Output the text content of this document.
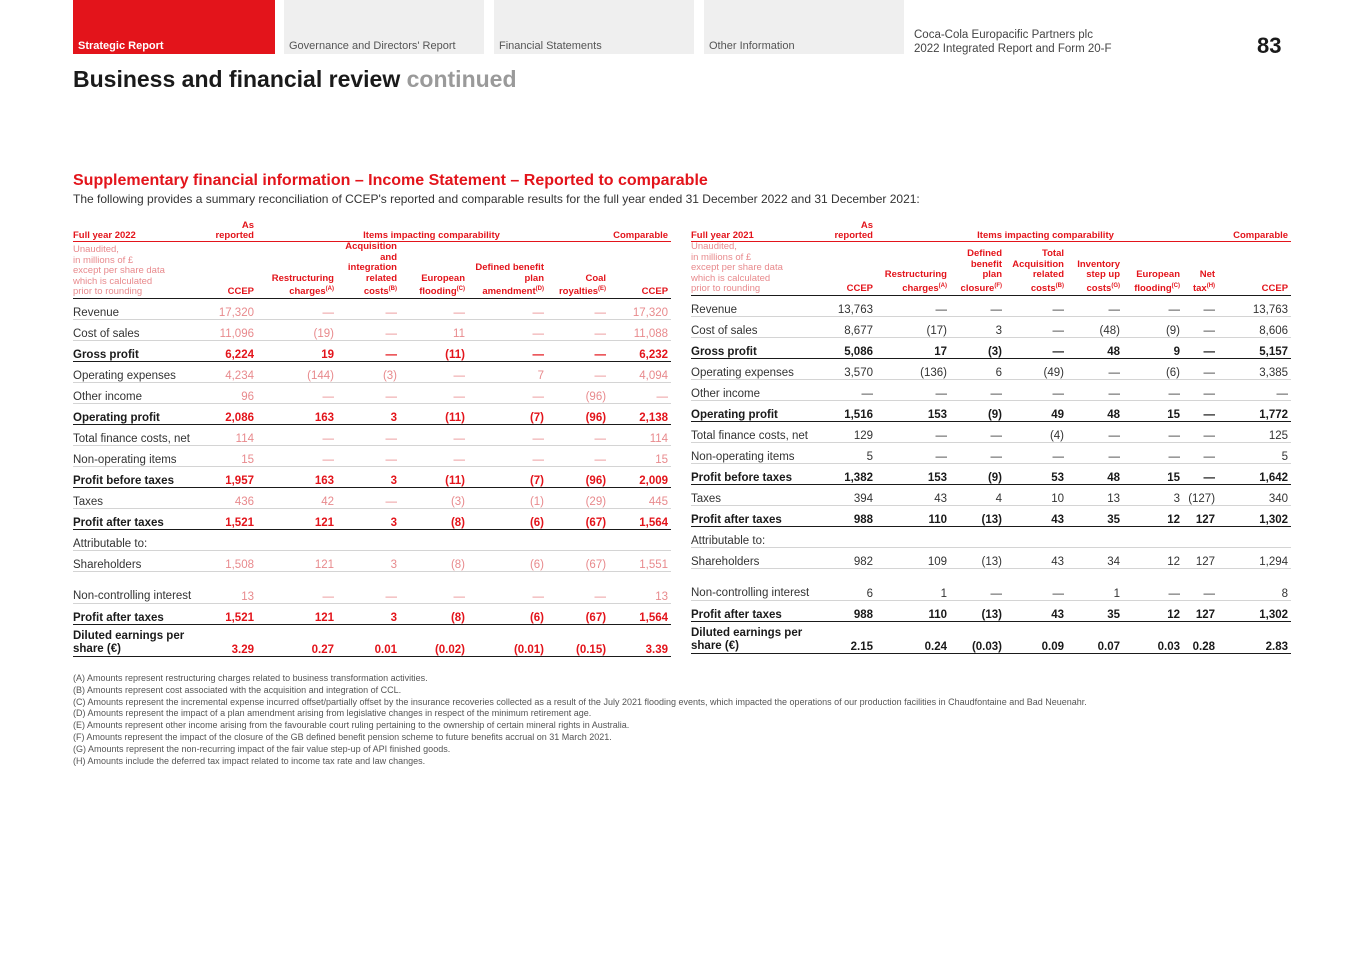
Strategic Report	Governance and Directors' Report	Financial Statements	Other Information
Coca-Cola Europacific Partners plc
2022 Integrated Report and Form 20-F	83
Business and financial review continued
Supplementary financial information – Income Statement – Reported to comparable
The following provides a summary reconciliation of CCEP's reported and comparable results for the full year ended 31 December 2022 and 31 December 2021:
Full year 2022	As reported	Items impacting comparability					Comparable

Unaudited,
in millions of £
except per share data
which is calculated
prior to rounding	CCEP	Restructuring charges$^{(A)}$	Acquisition and integration related costs$^{(B)}$	European flooding$^{(C)}$	Defined benefit plan amendment$^{(D)}$	Coal royalties$^{(E)}$	CCEP
Revenue	17,320	—	—	—	—	—	17,320
Cost of sales	11,096	(19)	—	11	—	—	11,088
Gross profit	6,224	19	—	(11)	—	—	6,232
Operating expenses	4,234	(144)	(3)	—	7	—	4,094
Other income	96	—	—	—	—	(96)	—
Operating profit	2,086	163	3	(11)	(7)	(96)	2,138
Total finance costs, net	114	—	—	—	—	—	114
Non-operating items	15	—	—	—	—	—	15
Profit before taxes	1,957	163	3	(11)	(7)	(96)	2,009
Taxes	436	42	—	(3)	(1)	(29)	445
Profit after taxes	1,521	121	3	(8)	(6)	(67)	1,564
Attributable to:							
Shareholders	1,508	121	3	(8)	(6)	(67)	1,551
Non-controlling interest	13	—	—	—	—	—	13
Profit after taxes	1,521	121	3	(8)	(6)	(67)	1,564
Diluted earnings per share (€)	3.29	0.27	0.01	(0.02)	(0.01)	(0.15)	3.39
Full year 2021	As reported	Items impacting comparability						Comparable

Unaudited,
in millions of £
except per share data
which is calculated
prior to rounding	CCEP	Restructuring charges$^{(A)}$	Defined benefit plan closure$^{(F)}$	Total Acquisition related costs$^{(B)}$	Inventory step up costs$^{(G)}$	European flooding$^{(C)}$	Net tax$^{(H)}$	CCEP
Revenue	13,763	—	—	—	—	—	—	13,763
Cost of sales	8,677	(17)	3	—	(48)	(9)	—	8,606
Gross profit	5,086	17	(3)	—	48	9	—	5,157
Operating expenses	3,570	(136)	6	(49)	—	(6)	—	3,385
Other income	—	—	—	—	—	—	—	—
Operating profit	1,516	153	(9)	49	48	15	—	1,772
Total finance costs, net	129	—	—	(4)	—	—	—	125
Non-operating items	5	—	—	—	—	—	—	5
Profit before taxes	1,382	153	(9)	53	48	15	—	1,642
Taxes	394	43	4	10	13	3	(127)	340
Profit after taxes	988	110	(13)	43	35	12	127	1,302
Attributable to:								
Shareholders	982	109	(13)	43	34	12	127	1,294
Non-controlling interest	6	1	—	—	1	—	—	8
Profit after taxes	988	110	(13)	43	35	12	127	1,302
Diluted earnings per share (€)	2.15	0.24	(0.03)	0.09	0.07	0.03	0.28	2.83
(A) Amounts represent restructuring charges related to business transformation activities.
(B) Amounts represent cost associated with the acquisition and integration of CCL.
(C) Amounts represent the incremental expense incurred offset/partially offset by the insurance recoveries collected as a result of the July 2021 flooding events, which impacted the operations of our production facilities in Chaudfontaine and Bad Neuenahr.
(D) Amounts represent the impact of a plan amendment arising from legislative changes in respect of the minimum retirement age.
(E) Amounts represent other income arising from the favourable court ruling pertaining to the ownership of certain mineral rights in Australia.
(F) Amounts represent the impact of the closure of the GB defined benefit pension scheme to future benefits accrual on 31 March 2021.
(G) Amounts represent the non-recurring impact of the fair value step-up of API finished goods.
(H) Amounts include the deferred tax impact related to income tax rate and law changes.
